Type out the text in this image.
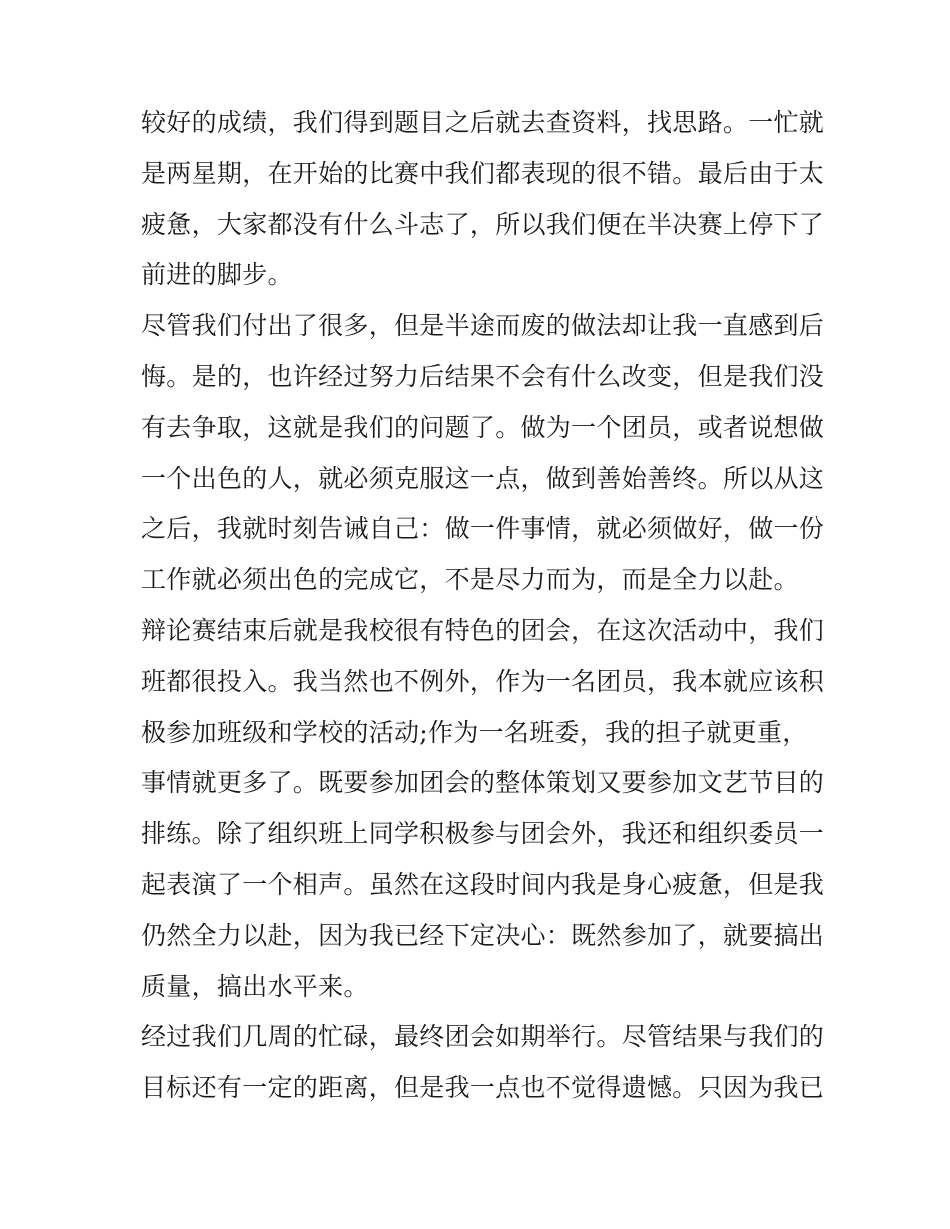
较好的成绩，我们得到题目之后就去查资料，找思路。一忙就
是两星期，在开始的比赛中我们都表现的很不错。最后由于太
疲惫，大家都没有什么斗志了，所以我们便在半决赛上停下了
前进的脚步。
尽管我们付出了很多，但是半途而废的做法却让我一直感到后
悔。是的，也许经过努力后结果不会有什么改变，但是我们没
有去争取，这就是我们的问题了。做为一个团员，或者说想做
一个出色的人，就必须克服这一点，做到善始善终。所以从这
之后，我就时刻告诫自己：做一件事情，就必须做好，做一份
工作就必须出色的完成它，不是尽力而为，而是全力以赴。
辩论赛结束后就是我校很有特色的团会，在这次活动中，我们
班都很投入。我当然也不例外，作为一名团员，我本就应该积
极参加班级和学校的活动;作为一名班委，我的担子就更重，
事情就更多了。既要参加团会的整体策划又要参加文艺节目的
排练。除了组织班上同学积极参与团会外，我还和组织委员一
起表演了一个相声。虽然在这段时间内我是身心疲惫，但是我
仍然全力以赴，因为我已经下定决心：既然参加了，就要搞出
质量，搞出水平来。
经过我们几周的忙碌，最终团会如期举行。尽管结果与我们的
目标还有一定的距离，但是我一点也不觉得遗憾。只因为我已
